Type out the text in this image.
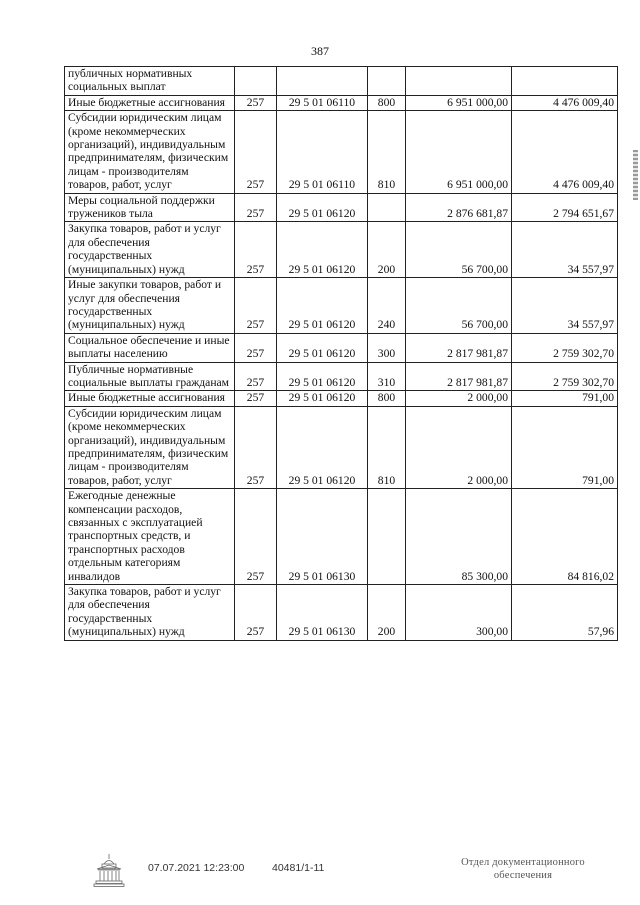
387
публичных нормативных социальных выплат					
Иные бюджетные ассигнования	257	29 5 01 06110	800	6 951 000,00	4 476 009,40
Субсидии юридическим лицам (кроме некоммерческих организаций), индивидуальным предпринимателям, физическим лицам - производителям товаров, работ, услуг	257	29 5 01 06110	810	6 951 000,00	4 476 009,40
Меры социальной поддержки тружеников тыла	257	29 5 01 06120		2 876 681,87	2 794 651,67
Закупка товаров, работ и услуг для обеспечения государственных (муниципальных) нужд	257	29 5 01 06120	200	56 700,00	34 557,97
Иные закупки товаров, работ и услуг для обеспечения государственных (муниципальных) нужд	257	29 5 01 06120	240	56 700,00	34 557,97
Социальное обеспечение и иные выплаты населению	257	29 5 01 06120	300	2 817 981,87	2 759 302,70
Публичные нормативные социальные выплаты гражданам	257	29 5 01 06120	310	2 817 981,87	2 759 302,70
Иные бюджетные ассигнования	257	29 5 01 06120	800	2 000,00	791,00
Субсидии юридическим лицам (кроме некоммерческих организаций), индивидуальным предпринимателям, физическим лицам - производителям товаров, работ, услуг	257	29 5 01 06120	810	2 000,00	791,00
Ежегодные денежные компенсации расходов, связанных с эксплуатацией транспортных средств, и транспортных расходов отдельным категориям инвалидов	257	29 5 01 06130		85 300,00	84 816,02
Закупка товаров, работ и услуг для обеспечения государственных (муниципальных) нужд	257	29 5 01 06130	200	300,00	57,96
07.07.2021 12:23:00	40481/1-11	Отдел документационного
обеспечения
